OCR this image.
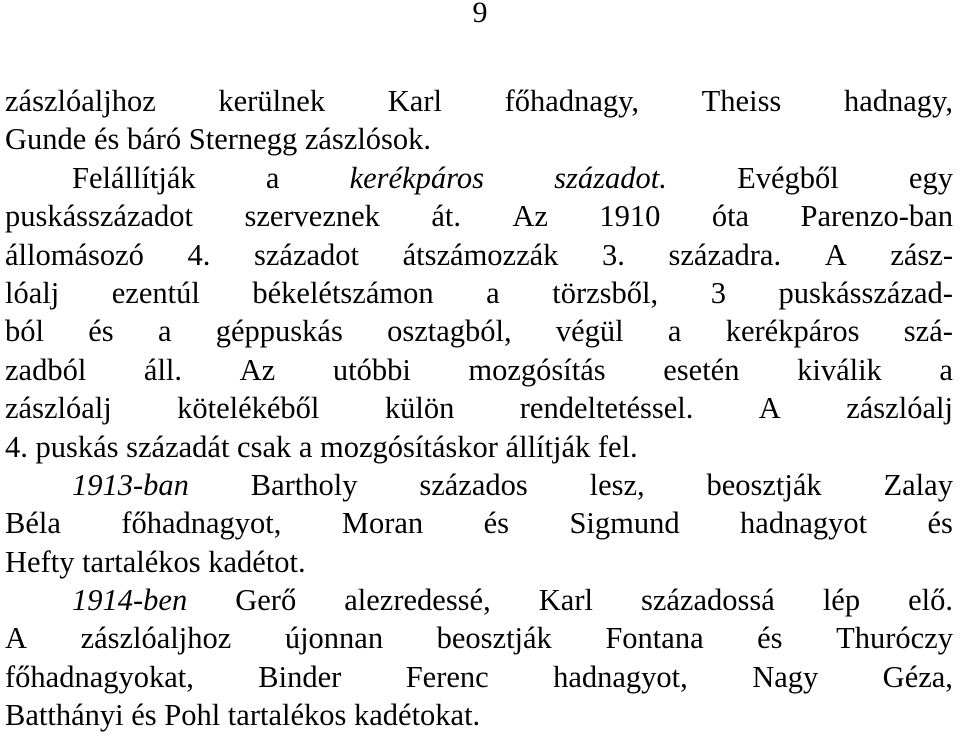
9
zászlóaljhoz kerülnek Karl főhadnagy, Theiss hadnagy,
Gunde és báró Sternegg zászlósok.
Felállítják a kerékpáros századot. Evégből egy
puskásszázadot szerveznek át. Az 1910 óta Parenzo-ban
állomásozó 4. századot átszámozzák 3. századra. A zász-
lóalj ezentúl békelétszámon a törzsből, 3 puskásszázad-
ból és a géppuskás osztagból, végül a kerékpáros szá-
zadból áll. Az utóbbi mozgósítás esetén kiválik a
zászlóalj kötelékéből külön rendeltetéssel. A zászlóalj
4. puskás századát csak a mozgósításkor állítják fel.
1913-ban Bartholy százados lesz, beosztják Zalay
Béla főhadnagyot, Moran és Sigmund hadnagyot és
Hefty tartalékos kadétot.
1914-ben Gerő alezredessé, Karl századossá lép elő.
A zászlóaljhoz újonnan beosztják Fontana és Thuróczy
főhadnagyokat, Binder Ferenc hadnagyot, Nagy Géza,
Batthányi és Pohl tartalékos kadétokat.
